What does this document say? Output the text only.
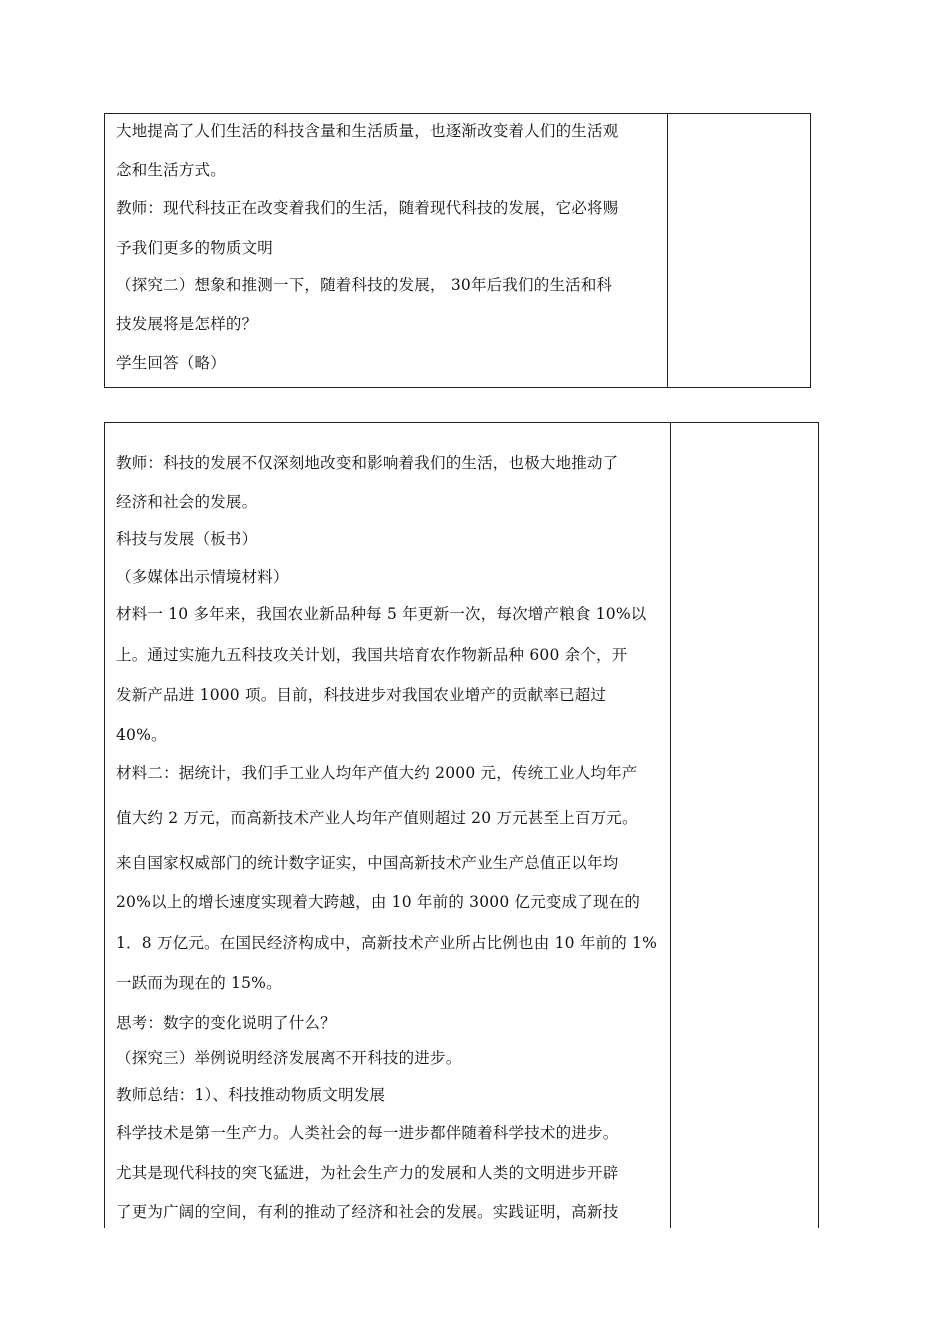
大地提高了人们生活的科技含量和生活质量，也逐渐改变着人们的生活观
念和生活方式。
教师：现代科技正在改变着我们的生活，随着现代科技的发展，它必将赐
予我们更多的物质文明
（探究二）想象和推测一下，随着科技的发展， 30年后我们的生活和科
技发展将是怎样的？
学生回答（略）
教师：科技的发展不仅深刻地改变和影响着我们的生活，也极大地推动了
经济和社会的发展。
科技与发展（板书）
（多媒体出示情境材料）
材料一 10 多年来，我国农业新品种每 5 年更新一次，每次增产粮食 10%以
上。通过实施九五科技攻关计划，我国共培育农作物新品种 600 余个，开
发新产品进 1000 项。目前，科技进步对我国农业增产的贡献率已超过
40%。
材料二：据统计，我们手工业人均年产值大约 2000 元，传统工业人均年产
值大约 2 万元，而高新技术产业人均年产值则超过 20 万元甚至上百万元。
来自国家权威部门的统计数字证实，中国高新技术产业生产总值正以年均
20%以上的增长速度实现着大跨越，由 10 年前的 3000 亿元变成了现在的
1．8 万亿元。在国民经济构成中，高新技术产业所占比例也由 10 年前的 1%
一跃而为现在的 15%。
思考：数字的变化说明了什么？
（探究三）举例说明经济发展离不开科技的进步。
教师总结：1）、科技推动物质文明发展
科学技术是第一生产力。人类社会的每一进步都伴随着科学技术的进步。
尤其是现代科技的突飞猛进，为社会生产力的发展和人类的文明进步开辟
了更为广阔的空间，有利的推动了经济和社会的发展。实践证明，高新技
